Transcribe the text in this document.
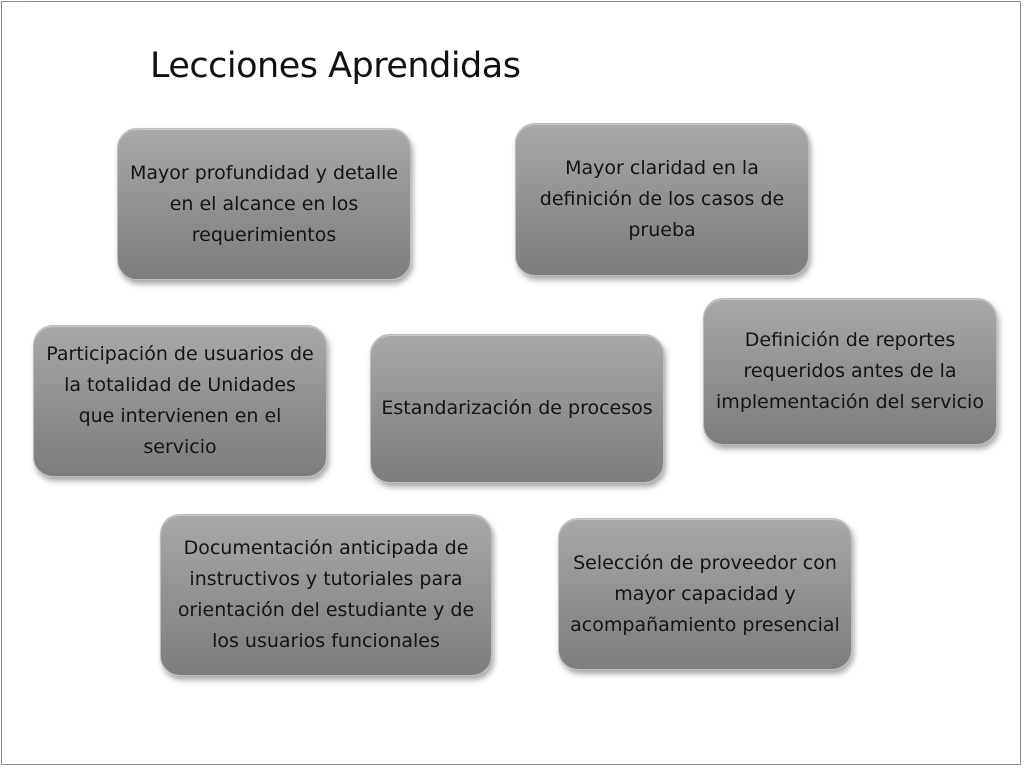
· ·····················
Lecciones Aprendidas
Mayor profundidad y detalle en el alcance en los requerimientos
Mayor claridad en la definición de los casos de prueba
Participación de usuarios de la totalidad de Unidades que intervienen en el servicio
Estandarización de procesos
Definición de reportes requeridos antes de la implementación del servicio
Documentación anticipada de instructivos y tutoriales para orientación del estudiante y de los usuarios funcionales
Selección de proveedor con mayor capacidad y acompañamiento presencial
